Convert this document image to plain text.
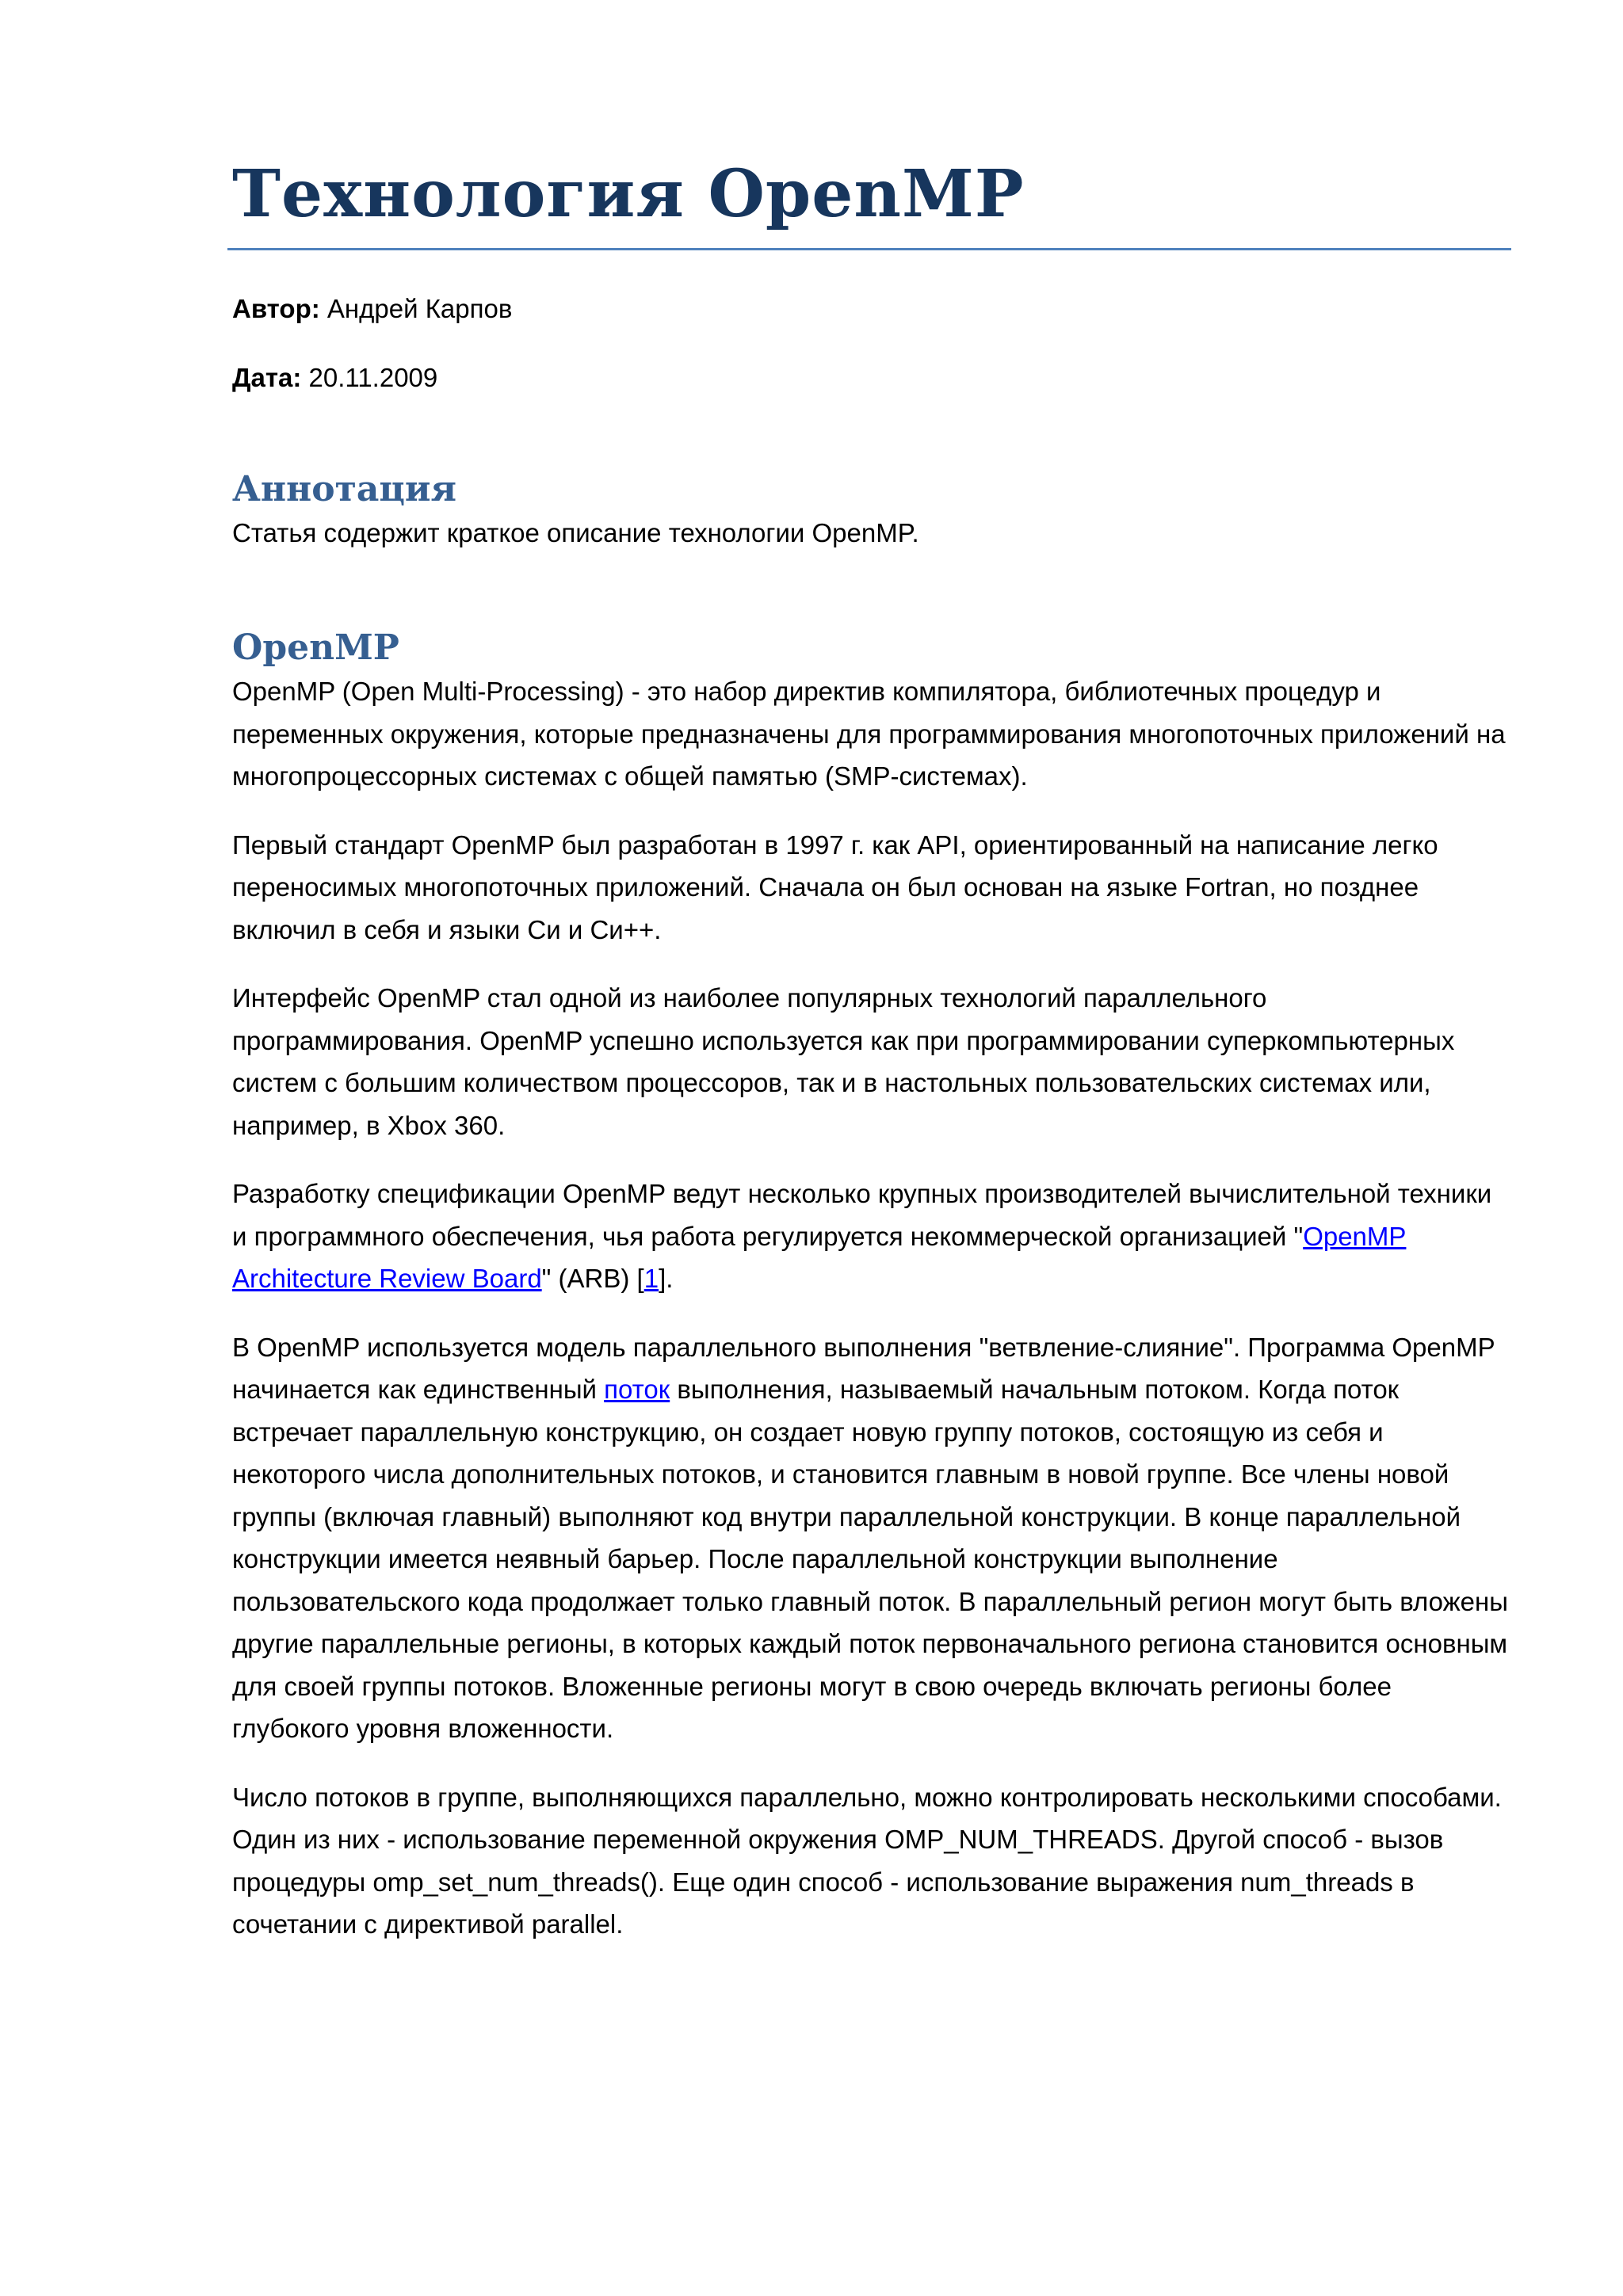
Технология OpenMP

Автор: Андрей Карпов

Дата: 20.11.2009

Аннотация

Статья содержит краткое описание технологии OpenMP.

OpenMP

OpenMP (Open Multi-Processing) - это набор директив компилятора, библиотечных процедур и переменных окружения, которые предназначены для программирования многопоточных приложений на многопроцессорных системах с общей памятью (SMP-системах).

Первый стандарт OpenMP был разработан в 1997 г. как API, ориентированный на написание легко переносимых многопоточных приложений. Сначала он был основан на языке Fortran, но позднее включил в себя и языки Си и Си++.

Интерфейс OpenMP стал одной из наиболее популярных технологий параллельного программирования. OpenMP успешно используется как при программировании суперкомпьютерных систем с большим количеством процессоров, так и в настольных пользовательских системах или, например, в Xbox 360.

Разработку спецификации OpenMP ведут несколько крупных производителей вычислительной техники и программного обеспечения, чья работа регулируется некоммерческой организацией "OpenMP Architecture Review Board" (ARB) [1].

В OpenMP используется модель параллельного выполнения "ветвление-слияние". Программа OpenMP начинается как единственный поток выполнения, называемый начальным потоком. Когда поток встречает параллельную конструкцию, он создает новую группу потоков, состоящую из себя и некоторого числа дополнительных потоков, и становится главным в новой группе. Все члены новой группы (включая главный) выполняют код внутри параллельной конструкции. В конце параллельной конструкции имеется неявный барьер. После параллельной конструкции выполнение пользовательского кода продолжает только главный поток. В параллельный регион могут быть вложены другие параллельные регионы, в которых каждый поток первоначального региона становится основным для своей группы потоков. Вложенные регионы могут в свою очередь включать регионы более глубокого уровня вложенности.

Число потоков в группе, выполняющихся параллельно, можно контролировать несколькими способами. Один из них - использование переменной окружения OMP_NUM_THREADS. Другой способ - вызов процедуры omp_set_num_threads(). Еще один способ - использование выражения num_threads в сочетании с директивой parallel.
